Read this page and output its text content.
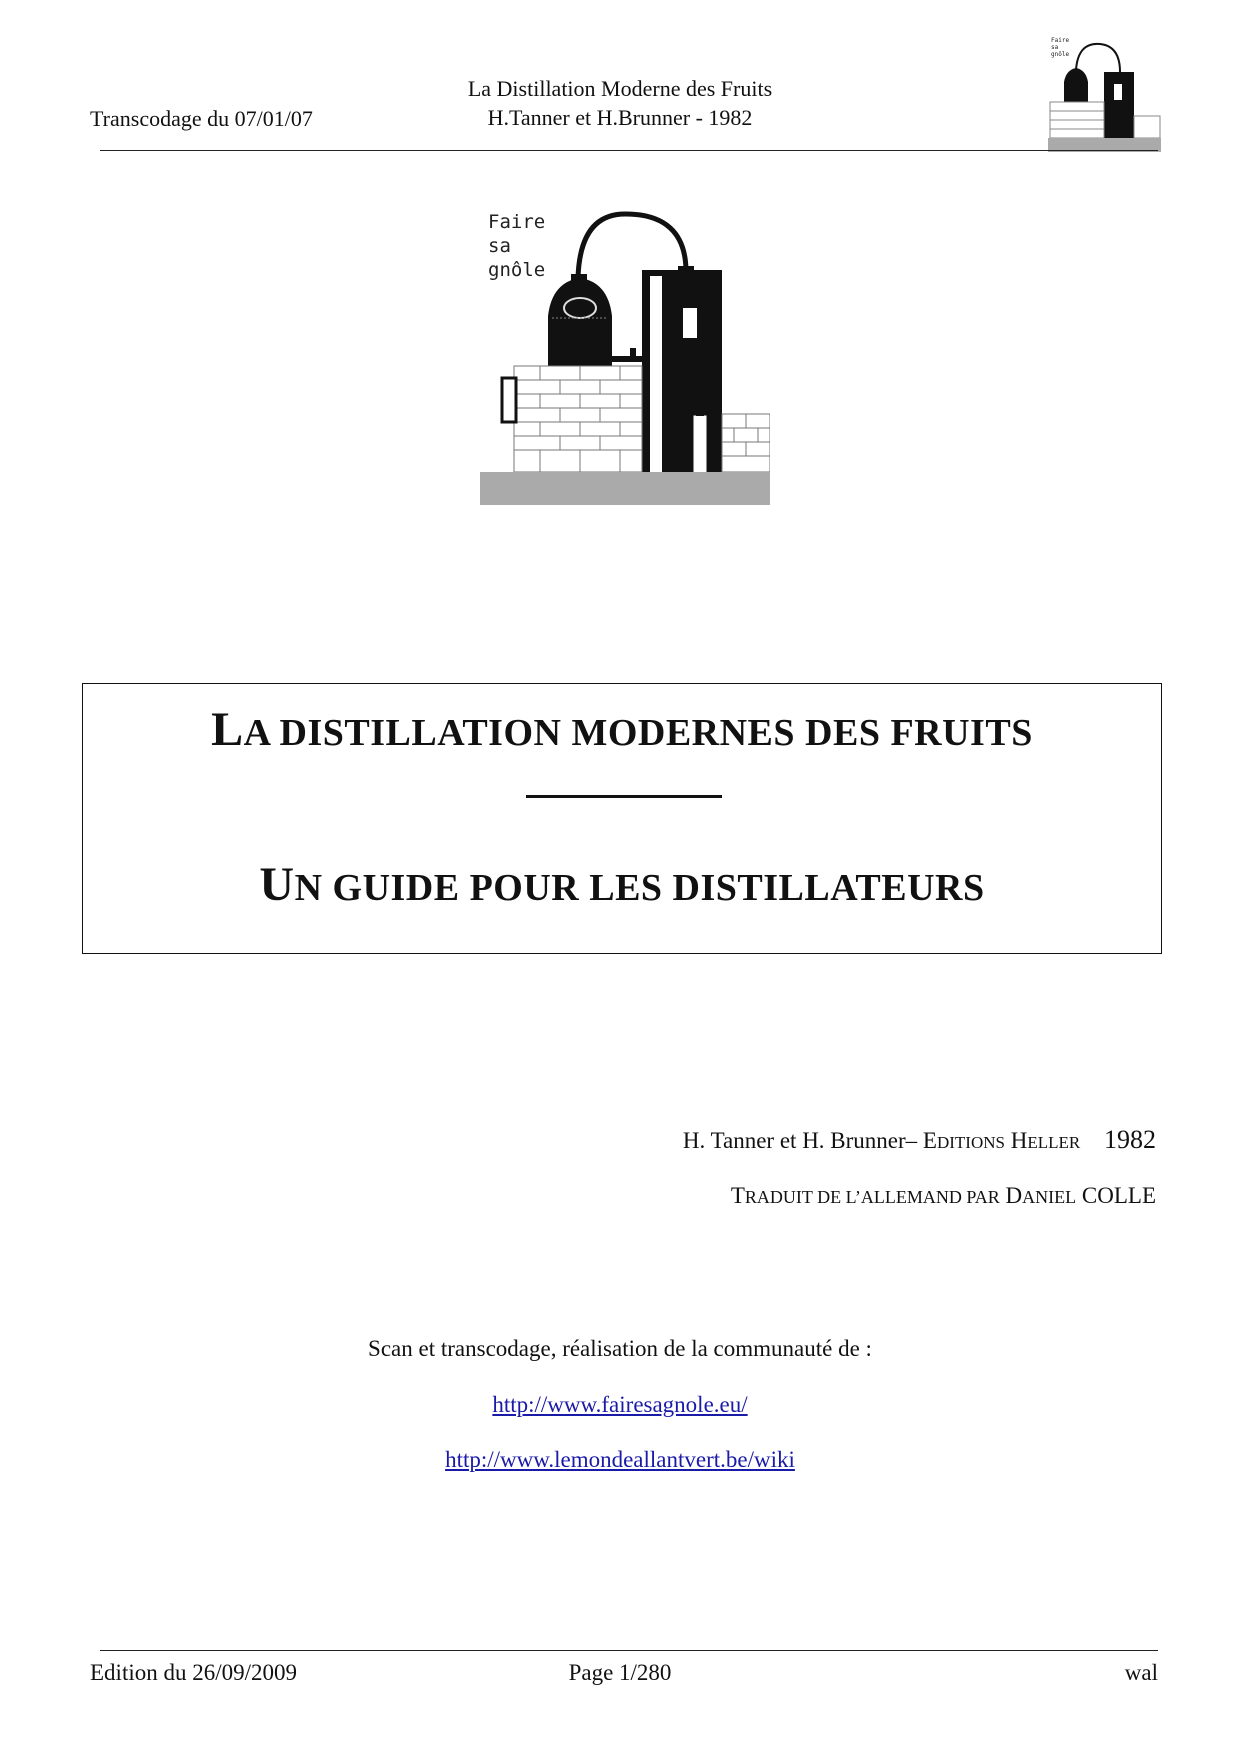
Transcodage du 07/01/07
La Distillation Moderne des Fruits
H.Tanner et H.Brunner - 1982
Faire
sa
gnôle
Faire
sa
gnôle
LA DISTILLATION MODERNES DES FRUITS
UN GUIDE POUR LES DISTILLATEURS
H. Tanner et H. Brunner– EDITIONS HELLER 1982
TRADUIT DE L’ALLEMAND PAR DANIEL COLLE
Scan et transcodage, réalisation de la communauté de :
http://www.fairesagnole.eu/
http://www.lemondeallantvert.be/wiki
Edition du 26/09/2009	Page 1/280	wal
